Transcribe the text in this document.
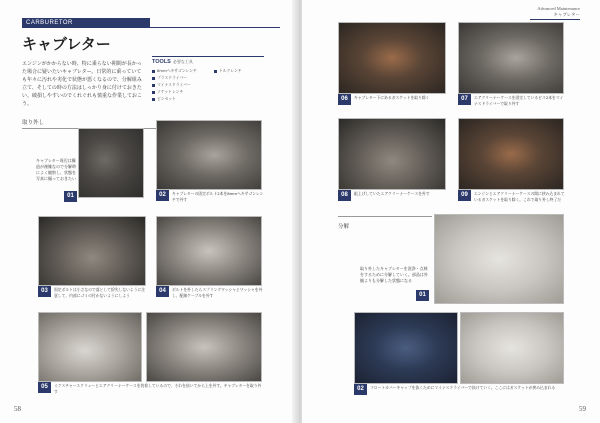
CARBURETOR
キャブレター
エンジンがかからない時、特に乗らない期間が長かった場合に疑いたいキャブレター。日常的に乗っていても年々に汚れや劣化で状態が悪くなるので、分解組み立て、そしての時の方法はしっかり身に付けておきたい。破損しやすいのでくれぐれも慎重な作業しておこう。
TOOLS 必要な工具
8mmヘキサゴンレンチ
プラスドライバー
マイナスドライバー
ソケットレンチ
ピンセット
トルクレンチ
取り外し
キャブレター周辺は構造が複雑なので分解時によく観察し、状態を写真に撮っておきたい
01	02	キャブレターの固定ボルト2本を8mmヘキサゴンレンチで外す
03	固定ボルトは小さなので落として紛失しないように注意して、内部にゴミの付かないようにしよう
04	ボルトを外したらスプリングワッシャとワッシャを外し、配線ケーブルを外す
05	ミクスチャースクリューとエアクリーナーケースを装着しているので、それを抜いてから上を外す。キャブレターを取り外す
58
Advanced Maintenance
キャブレター
06	キャブレター下にあるガスケットを取り除く	07	エアクリーナーケースを固定しているビス2本をマイナスドライバーで取り外す
08	組上げしていたエアクリーナーケースを外す	09	エンジンとエアクリーナーケースの間に挟み込まれているガスケットを取り除く。これで取り外し終了だ
分解
取り外したキャブレターを洗浄・点検をするために分解していく。部品は外観よりも分解した状態になる
01
02	フロートカバーキャップを抜くためにマイナスドライバーで抜けていく。ここにはガスケットが挟み込まれる
59
